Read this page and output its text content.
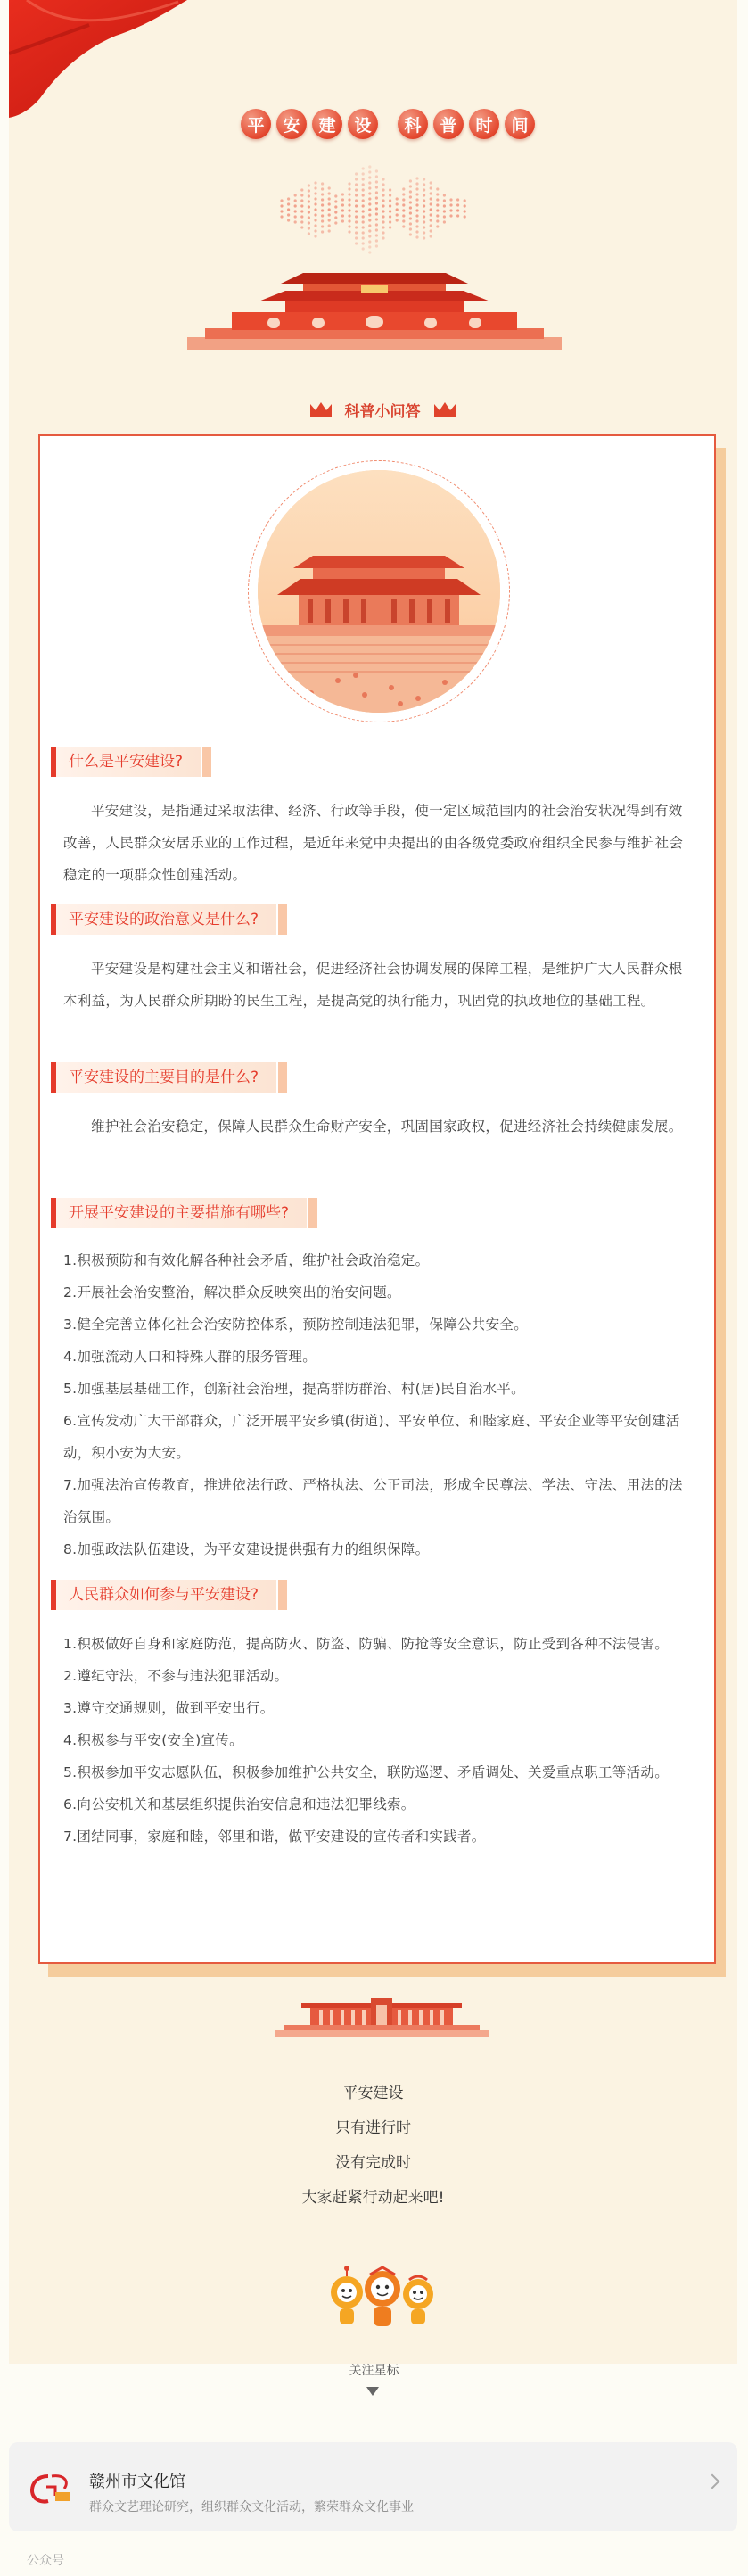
平	安	建	设	科	普	时	间
科普小问答
什么是平安建设?

平安建设，是指通过采取法律、经济、行政等手段，使一定区域范围内的社会治安状况得到有效改善，人民群众安居乐业的工作过程，是近年来党中央提出的由各级党委政府组织全民参与维护社会稳定的一项群众性创建活动。

平安建设的政治意义是什么?

平安建设是构建社会主义和谐社会，促进经济社会协调发展的保障工程，是维护广大人民群众根本利益，为人民群众所期盼的民生工程，是提高党的执行能力，巩固党的执政地位的基础工程。

平安建设的主要目的是什么?

维护社会治安稳定，保障人民群众生命财产安全，巩固国家政权，促进经济社会持续健康发展。

开展平安建设的主要措施有哪些?
1.积极预防和有效化解各种社会矛盾，维护社会政治稳定。
2.开展社会治安整治，解决群众反映突出的治安问题。
3.健全完善立体化社会治安防控体系，预防控制违法犯罪，保障公共安全。
4.加强流动人口和特殊人群的服务管理。
5.加强基层基础工作，创新社会治理，提高群防群治、村(居)民自治水平。
6.宣传发动广大干部群众，广泛开展平安乡镇(街道)、平安单位、和睦家庭、平安企业等平安创建活动，积小安为大安。
7.加强法治宣传教育，推进依法行政、严格执法、公正司法，形成全民尊法、学法、守法、用法的法治氛围。
8.加强政法队伍建设，为平安建设提供强有力的组织保障。
人民群众如何参与平安建设?
1.积极做好自身和家庭防范，提高防火、防盗、防骗、防抢等安全意识，防止受到各种不法侵害。
2.遵纪守法，不参与违法犯罪活动。
3.遵守交通规则，做到平安出行。
4.积极参与平安(安全)宣传。
5.积极参加平安志愿队伍，积极参加维护公共安全，联防巡逻、矛盾调处、关爱重点职工等活动。
6.向公安机关和基层组织提供治安信息和违法犯罪线索。
7.团结同事，家庭和睦，邻里和谐，做平安建设的宣传者和实践者。
平安建设
只有进行时
没有完成时
大家赶紧行动起来吧!
关注星标
赣州市文化馆
群众文艺理论研究，组织群众文化活动，繁荣群众文化事业
公众号
